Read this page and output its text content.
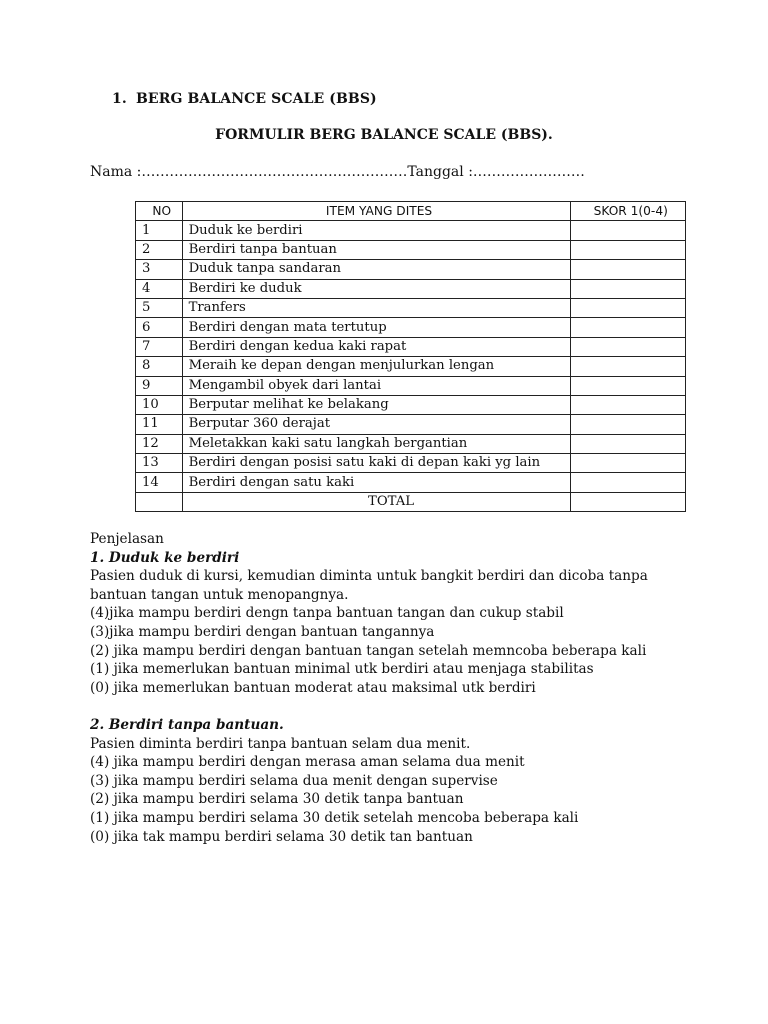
1. BERG BALANCE SCALE (BBS)
FORMULIR BERG BALANCE SCALE (BBS).
Nama :…………………………………………………Tanggal :……………………
NO	ITEM YANG DITES	SKOR 1(0-4)
1	Duduk ke berdiri	
2	Berdiri tanpa bantuan	
3	Duduk tanpa sandaran	
4	Berdiri ke duduk	
5	Tranfers	
6	Berdiri dengan mata tertutup	
7	Berdiri dengan kedua kaki rapat	
8	Meraih ke depan dengan menjulurkan lengan	
9	Mengambil obyek dari lantai	
10	Berputar melihat ke belakang	
11	Berputar 360 derajat	
12	Meletakkan kaki satu langkah bergantian	
13	Berdiri dengan posisi satu kaki di depan kaki yg lain	
14	Berdiri dengan satu kaki	
	TOTAL	

Penjelasan

1. Duduk ke berdiri

Pasien duduk di kursi, kemudian diminta untuk bangkit berdiri dan dicoba tanpa

bantuan tangan untuk menopangnya.

(4)jika mampu berdiri dengn tanpa bantuan tangan dan cukup stabil

(3)jika mampu berdiri dengan bantuan tangannya

(2) jika mampu berdiri dengan bantuan tangan setelah memncoba beberapa kali

(1) jika memerlukan bantuan minimal utk berdiri atau menjaga stabilitas

(0) jika memerlukan bantuan moderat atau maksimal utk berdiri

2. Berdiri tanpa bantuan.

Pasien diminta berdiri tanpa bantuan selam dua menit.

(4) jika mampu berdiri dengan merasa aman selama dua menit

(3) jika mampu berdiri selama dua menit dengan supervise

(2) jika mampu berdiri selama 30 detik tanpa bantuan

(1) jika mampu berdiri selama 30 detik setelah mencoba beberapa kali

(0) jika tak mampu berdiri selama 30 detik tan bantuan
